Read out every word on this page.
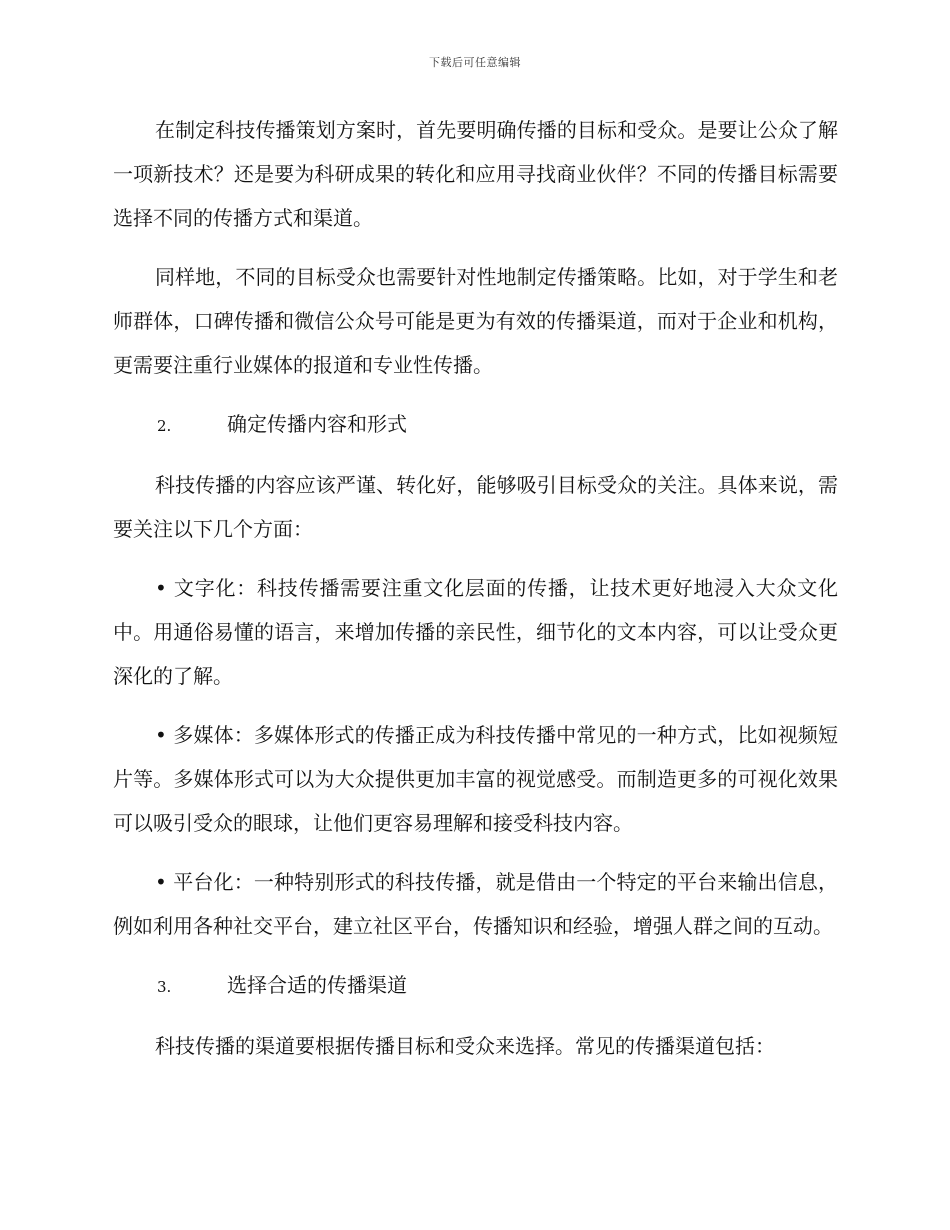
下载后可任意编辑

在制定科技传播策划方案时，首先要明确传播的目标和受众。是要让公众了解一项新技术？还是要为科研成果的转化和应用寻找商业伙伴？不同的传播目标需要选择不同的传播方式和渠道。

同样地，不同的目标受众也需要针对性地制定传播策略。比如，对于学生和老师群体，口碑传播和微信公众号可能是更为有效的传播渠道，而对于企业和机构，更需要注重行业媒体的报道和专业性传播。

2.	确定传播内容和形式

科技传播的内容应该严谨、转化好，能够吸引目标受众的关注。具体来说，需要关注以下几个方面：

• 文字化：科技传播需要注重文化层面的传播，让技术更好地浸入大众文化中。用通俗易懂的语言，来增加传播的亲民性，细节化的文本内容，可以让受众更深化的了解。

• 多媒体：多媒体形式的传播正成为科技传播中常见的一种方式，比如视频短片等。多媒体形式可以为大众提供更加丰富的视觉感受。而制造更多的可视化效果可以吸引受众的眼球，让他们更容易理解和接受科技内容。

• 平台化：一种特别形式的科技传播，就是借由一个特定的平台来输出信息，例如利用各种社交平台，建立社区平台，传播知识和经验，增强人群之间的互动。

3.	选择合适的传播渠道

科技传播的渠道要根据传播目标和受众来选择。常见的传播渠道包括：
